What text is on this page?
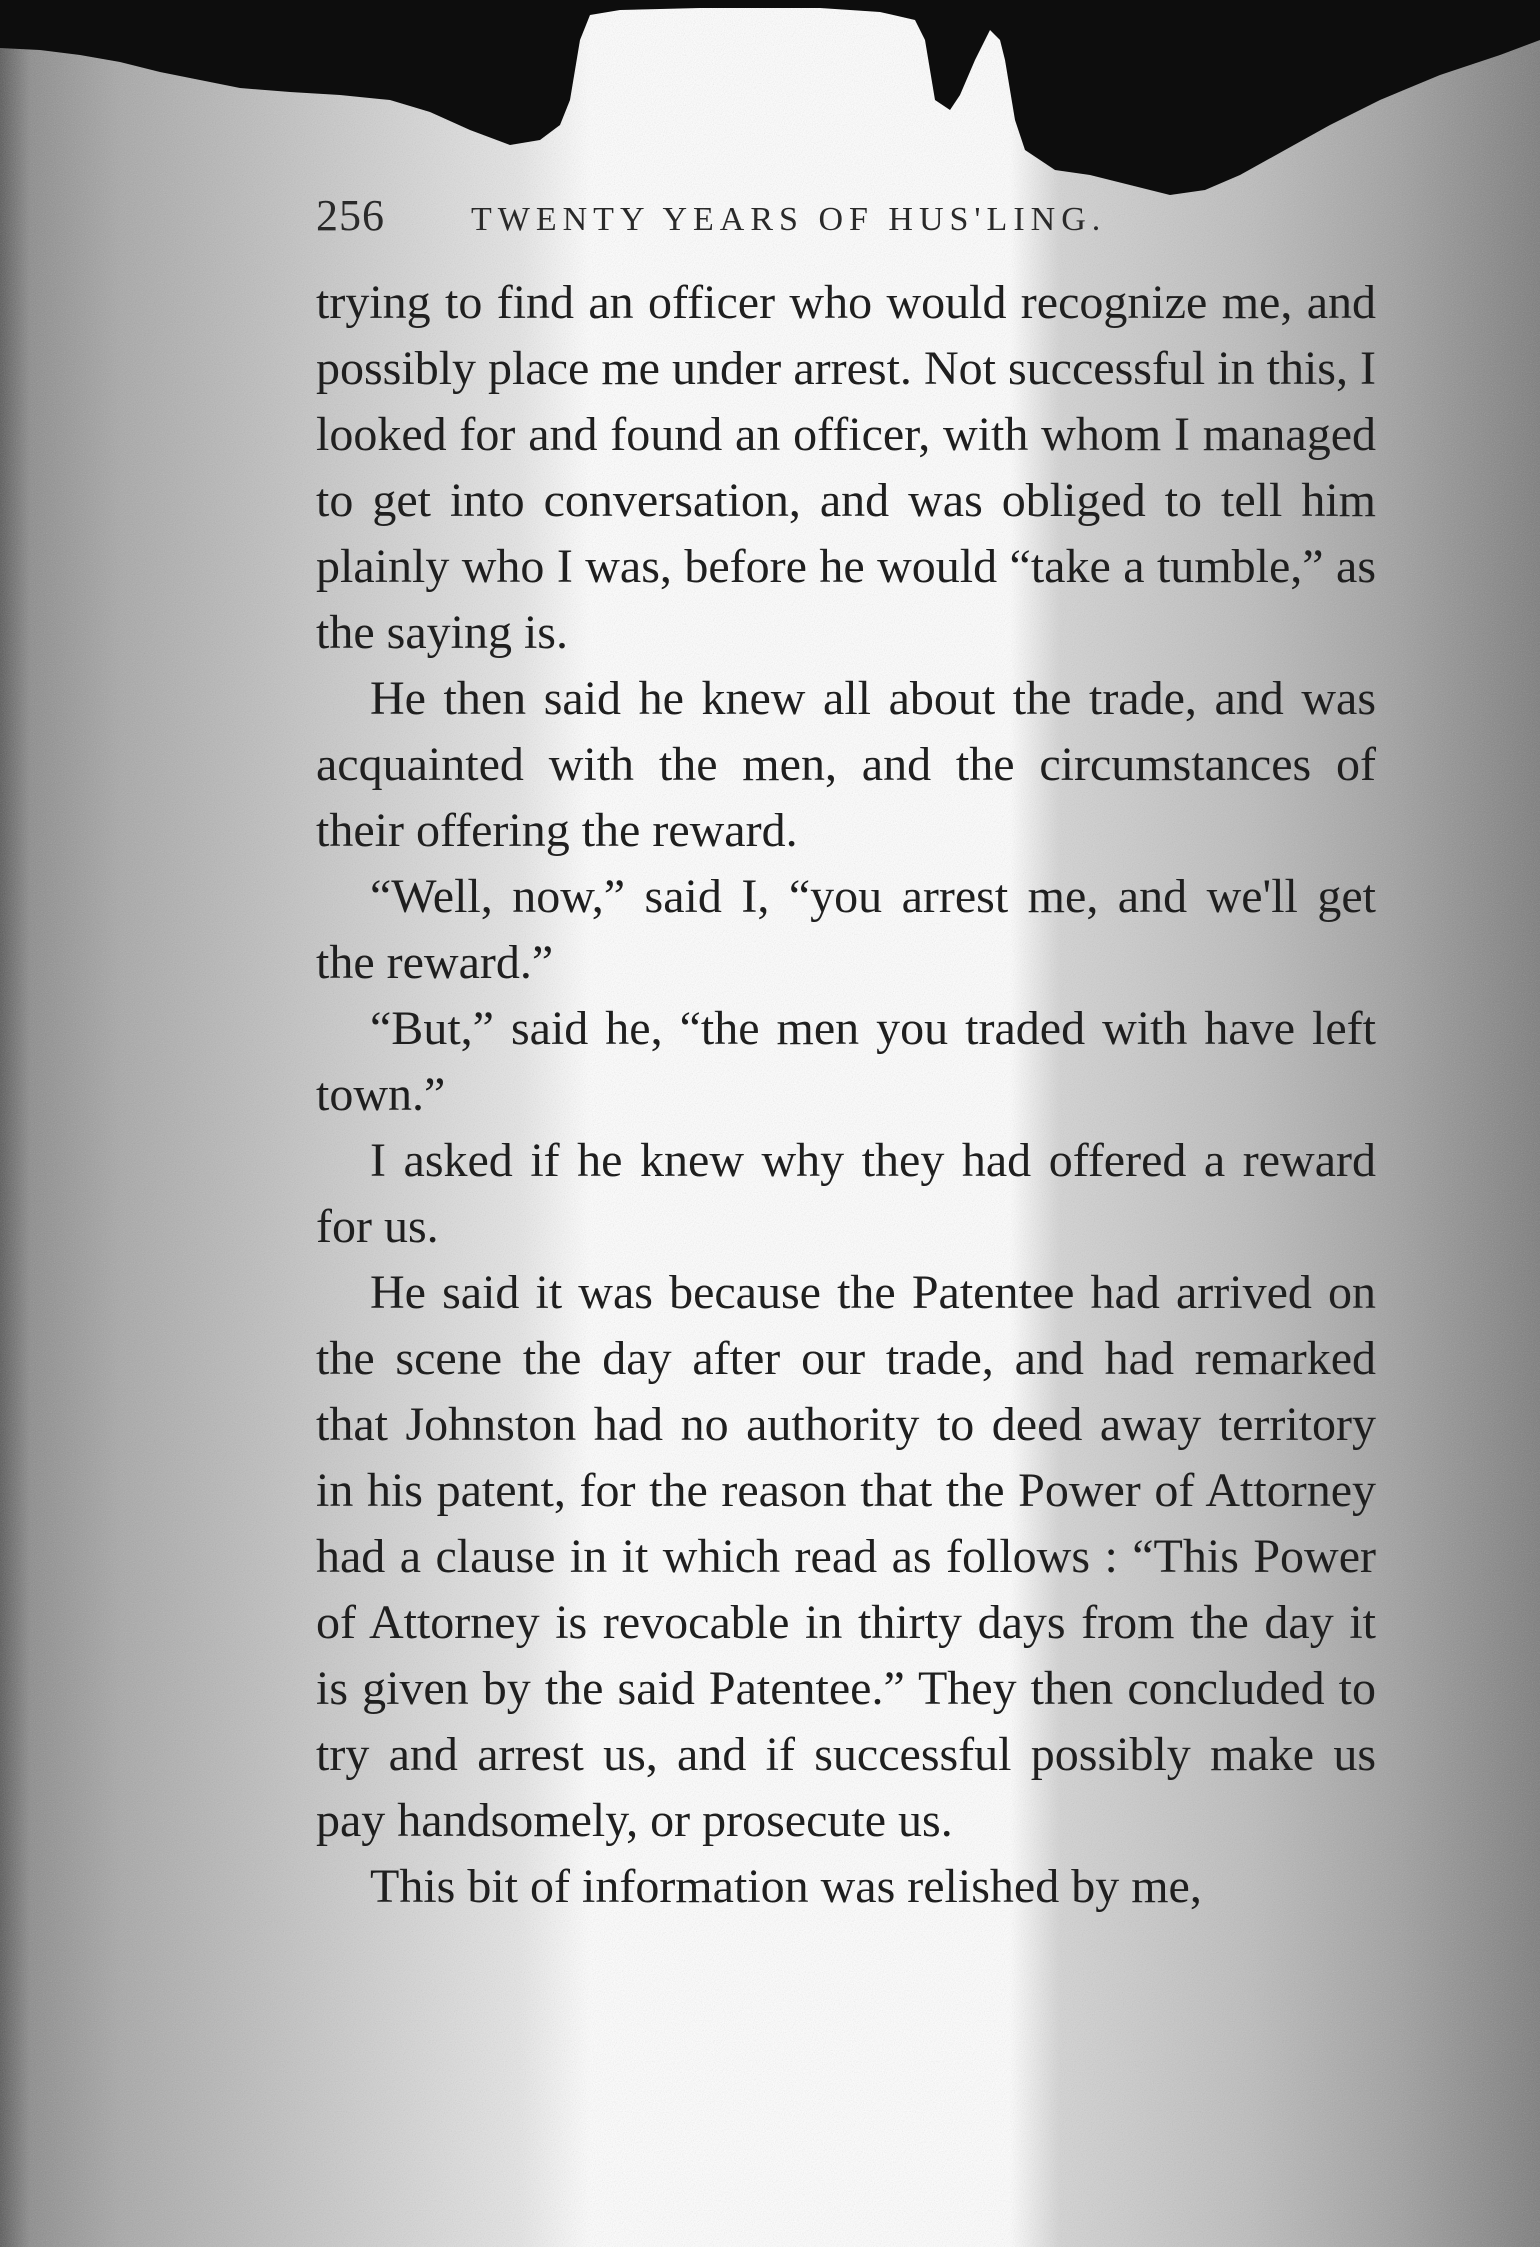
256	TWENTY YEARS OF HUS'LING.

trying to find an officer who would recognize me, and possibly place me under arrest. Not successful in this, I looked for and found an officer, with whom I managed to get into conversation, and was obliged to tell him plainly who I was, before he would “take a tumble,” as the saying is.

He then said he knew all about the trade, and was acquainted with the men, and the circumstances of their offering the reward.

“Well, now,” said I, “you arrest me, and we'll get the reward.”

“But,” said he, “the men you traded with have left town.”

I asked if he knew why they had offered a reward for us.

He said it was because the Patentee had arrived on the scene the day after our trade, and had remarked that Johnston had no authority to deed away territory in his patent, for the reason that the Power of Attorney had a clause in it which read as follows : “This Power of Attorney is revocable in thirty days from the day it is given by the said Patentee.” They then concluded to try and arrest us, and if successful possibly make us pay handsomely, or prosecute us.

This bit of information was relished by me,
